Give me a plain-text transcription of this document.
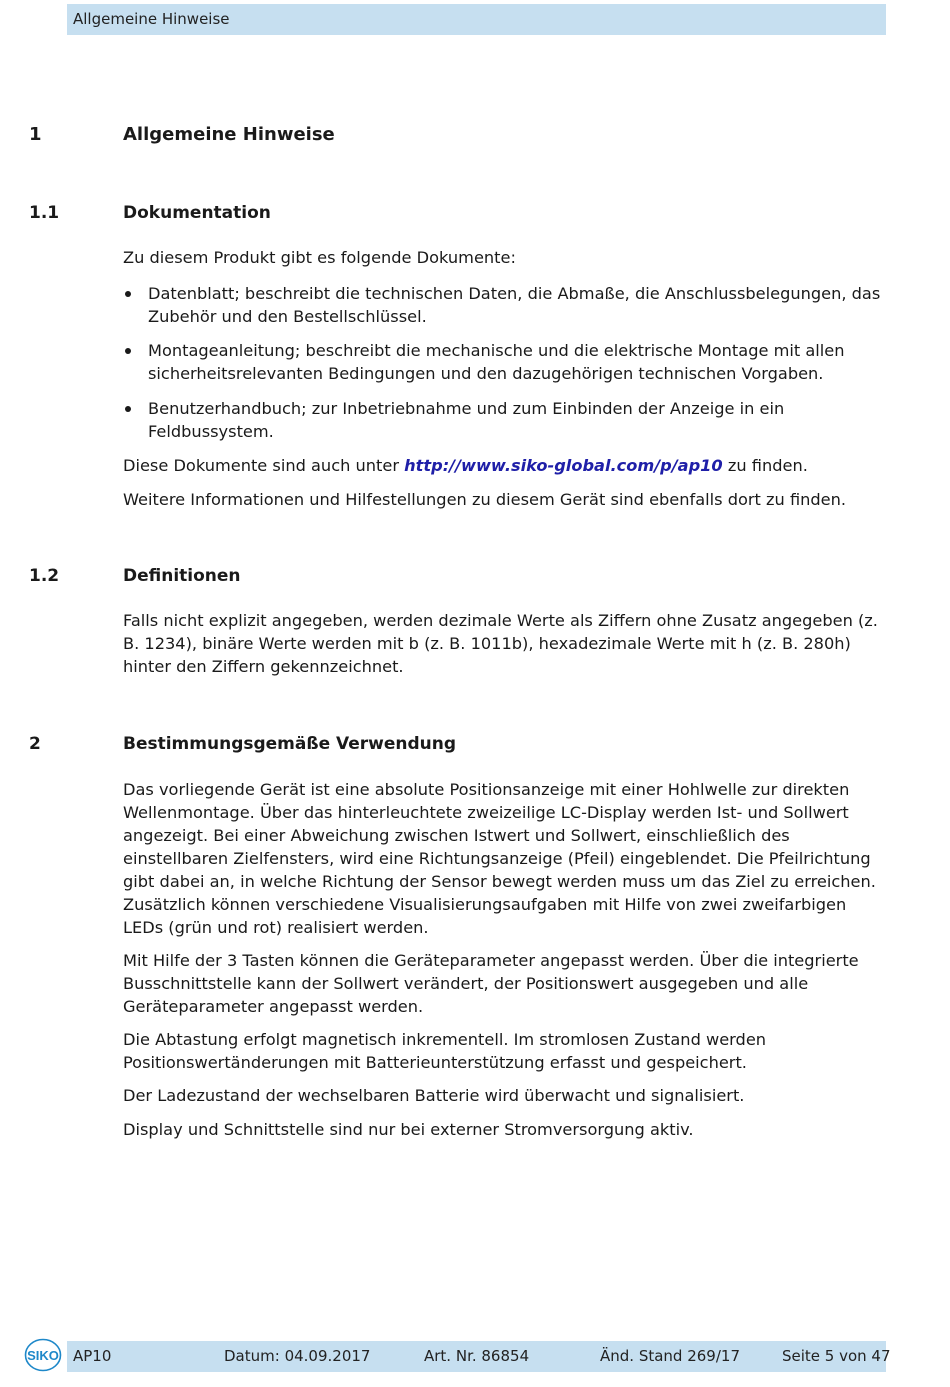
Allgemeine Hinweise
1	Allgemeine Hinweise
1.1	Dokumentation

Zu diesem Produkt gibt es folgende Dokumente:

Datenblatt; beschreibt die technischen Daten, die Abmaße, die Anschlussbelegungen, das Zubehör und den Bestellschlüssel.
Montageanleitung; beschreibt die mechanische und die elektrische Montage mit allen sicherheitsrelevanten Bedingungen und den dazugehörigen technischen Vorgaben.
Benutzerhandbuch; zur Inbetriebnahme und zum Einbinden der Anzeige in ein Feldbussystem.

Diese Dokumente sind auch unter http://www.siko-global.com/p/ap10 zu finden.

Weitere Informationen und Hilfestellungen zu diesem Gerät sind ebenfalls dort zu finden.

1.2	Definitionen

Falls nicht explizit angegeben, werden dezimale Werte als Ziffern ohne Zusatz angegeben (z. B. 1234), binäre Werte werden mit b (z. B. 1011b), hexadezimale Werte mit h (z. B. 280h) hinter den Ziffern gekennzeichnet.

2	Bestimmungsgemäße Verwendung

Das vorliegende Gerät ist eine absolute Positionsanzeige mit einer Hohlwelle zur direkten Wellenmontage. Über das hinterleuchtete zweizeilige LC-Display werden Ist- und Sollwert angezeigt. Bei einer Abweichung zwischen Istwert und Sollwert, einschließlich des einstellbaren Zielfensters, wird eine Richtungsanzeige (Pfeil) eingeblendet. Die Pfeilrichtung gibt dabei an, in welche Richtung der Sensor bewegt werden muss um das Ziel zu erreichen. Zusätzlich können verschiedene Visualisierungsaufgaben mit Hilfe von zwei zweifarbigen LEDs (grün und rot) realisiert werden.

Mit Hilfe der 3 Tasten können die Geräteparameter angepasst werden. Über die integrierte Busschnittstelle kann der Sollwert verändert, der Positionswert ausgegeben und alle Geräteparameter angepasst werden.

Die Abtastung erfolgt magnetisch inkrementell. Im stromlosen Zustand werden Positionswertänderungen mit Batterieunterstützung erfasst und gespeichert.

Der Ladezustand der wechselbaren Batterie wird überwacht und signalisiert.

Display und Schnittstelle sind nur bei externer Stromversorgung aktiv.

SIKO AP10	Datum: 04.09.2017	Art. Nr. 86854	Änd. Stand 269/17	Seite 5 von 47
